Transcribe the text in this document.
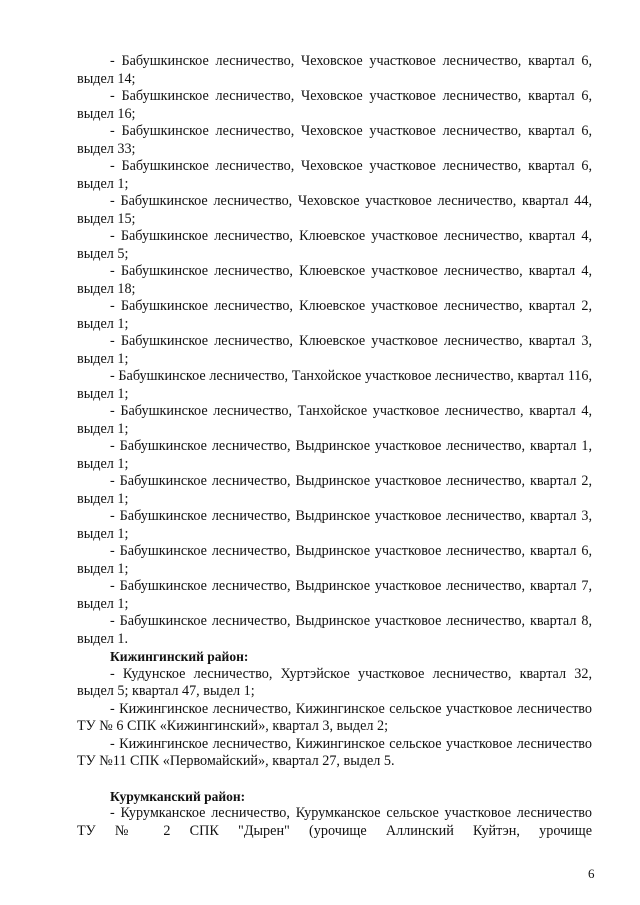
- Бабушкинское лесничество, Чеховское участковое лесничество, квартал 6, выдел 14;

- Бабушкинское лесничество, Чеховское участковое лесничество, квартал 6, выдел 16;

- Бабушкинское лесничество, Чеховское участковое лесничество, квартал 6, выдел 33;

- Бабушкинское лесничество, Чеховское участковое лесничество, квартал 6, выдел 1;

- Бабушкинское лесничество, Чеховское участковое лесничество, квартал 44, выдел 15;

- Бабушкинское лесничество, Клюевское участковое лесничество, квартал 4, выдел 5;

- Бабушкинское лесничество, Клюевское участковое лесничество, квартал 4, выдел 18;

- Бабушкинское лесничество, Клюевское участковое лесничество, квартал 2, выдел 1;

- Бабушкинское лесничество, Клюевское участковое лесничество, квартал 3, выдел 1;

- Бабушкинское лесничество, Танхойское участковое лесничество, квартал 116, выдел 1;

- Бабушкинское лесничество, Танхойское участковое лесничество, квартал 4, выдел 1;

- Бабушкинское лесничество, Выдринское участковое лесничество, квартал 1, выдел 1;

- Бабушкинское лесничество, Выдринское участковое лесничество, квартал 2, выдел 1;

- Бабушкинское лесничество, Выдринское участковое лесничество, квартал 3, выдел 1;

- Бабушкинское лесничество, Выдринское участковое лесничество, квартал 6, выдел 1;

- Бабушкинское лесничество, Выдринское участковое лесничество, квартал 7, выдел 1;

- Бабушкинское лесничество, Выдринское участковое лесничество, квартал 8, выдел 1.

Кижингинский район:

- Кудунское лесничество, Хуртэйское участковое лесничество, квартал 32, выдел 5; квартал 47, выдел 1;

- Кижингинское лесничество, Кижингинское сельское участковое лесничество ТУ № 6 СПК «Кижингинский», квартал 3, выдел 2;

- Кижингинское лесничество, Кижингинское сельское участковое лесничество ТУ №11 СПК «Первомайский», квартал 27, выдел 5.

Курумканский район:

- Курумканское лесничество, Курумканское сельское участковое лесничество ТУ № 2 СПК "Дырен" (урочище Аллинский Куйтэн, урочище

6
